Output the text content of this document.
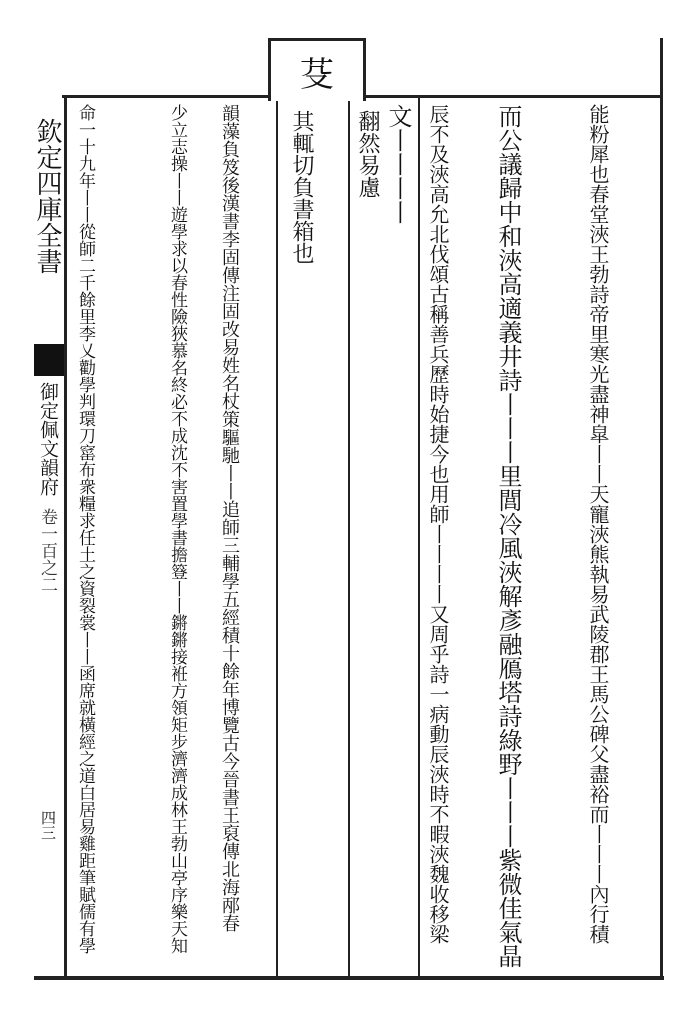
芟
欽定四庫全書
御定佩文韻府
卷一百之二
四三	能粉犀也春堂浹王勃詩帝里寒光盡神皐丨丨天寵浹熊執易武陵郡王馬公碑父盡裕而丨丨丨內行積
而公議歸中和浹高適義井詩丨丨丨里閭冷風浹解彥融鴈塔詩綠野丨丨丨紫微佳氣晶
辰不及浹高允北伐頌古稱善兵歷時始捷今也用師丨丨丨丨又周乎詩一病動辰浹時不暇浹魏收移梁
文丨丨丨丨
翻然易慮
其輒切負書箱也
韻藻負笈後漢書李固傳注固改易姓名杖策驅馳丨丨追師三輔學五經積十餘年博覽古今晉書王裒傳北海邴春
少立志操丨丨遊學求以春性險狹慕名終必不成沈不害置學書擔簦丨丨鏘鏘接袵方領矩步濟濟成林王勃山亭序樂天知
命一十九年丨丨從師二千餘里李乂勸學判環刀窰布衆糧求任土之資裂裳丨丨函席就橫經之道白居易雞距筆賦儒有學
